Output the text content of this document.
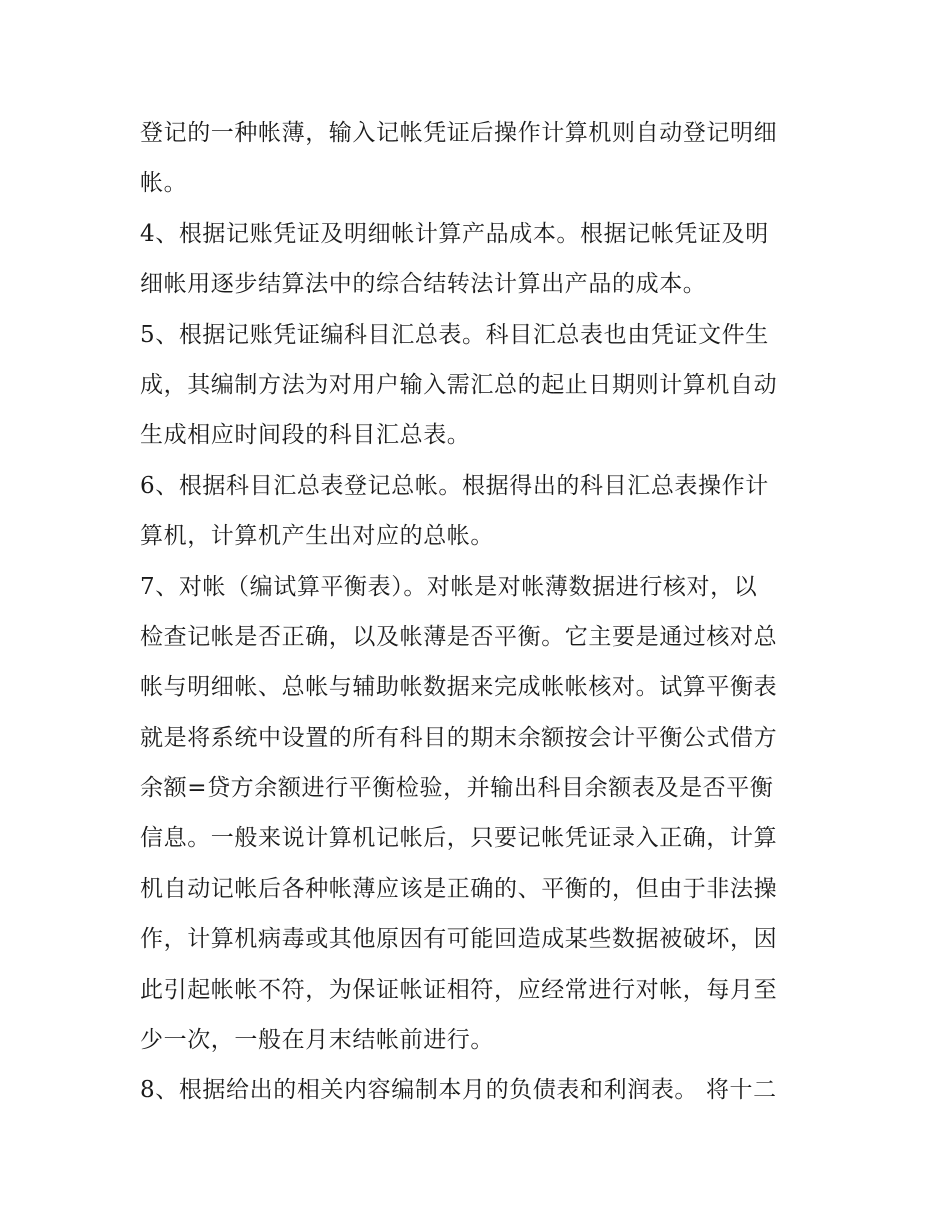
登记的一种帐薄，输入记帐凭证后操作计算机则自动登记明细
帐。
4、根据记账凭证及明细帐计算产品成本。根据记帐凭证及明
细帐用逐步结算法中的综合结转法计算出产品的成本。
5、根据记账凭证编科目汇总表。科目汇总表也由凭证文件生
成，其编制方法为对用户输入需汇总的起止日期则计算机自动
生成相应时间段的科目汇总表。
6、根据科目汇总表登记总帐。根据得出的科目汇总表操作计
算机，计算机产生出对应的总帐。
7、对帐（编试算平衡表）。对帐是对帐薄数据进行核对，以
检查记帐是否正确，以及帐薄是否平衡。它主要是通过核对总
帐与明细帐、总帐与辅助帐数据来完成帐帐核对。试算平衡表
就是将系统中设置的所有科目的期末余额按会计平衡公式借方
余额=贷方余额进行平衡检验，并输出科目余额表及是否平衡
信息。一般来说计算机记帐后，只要记帐凭证录入正确，计算
机自动记帐后各种帐薄应该是正确的、平衡的，但由于非法操
作，计算机病毒或其他原因有可能回造成某些数据被破坏，因
此引起帐帐不符，为保证帐证相符，应经常进行对帐，每月至
少一次，一般在月末结帐前进行。
8、根据给出的相关内容编制本月的负债表和利润表。 将十二
